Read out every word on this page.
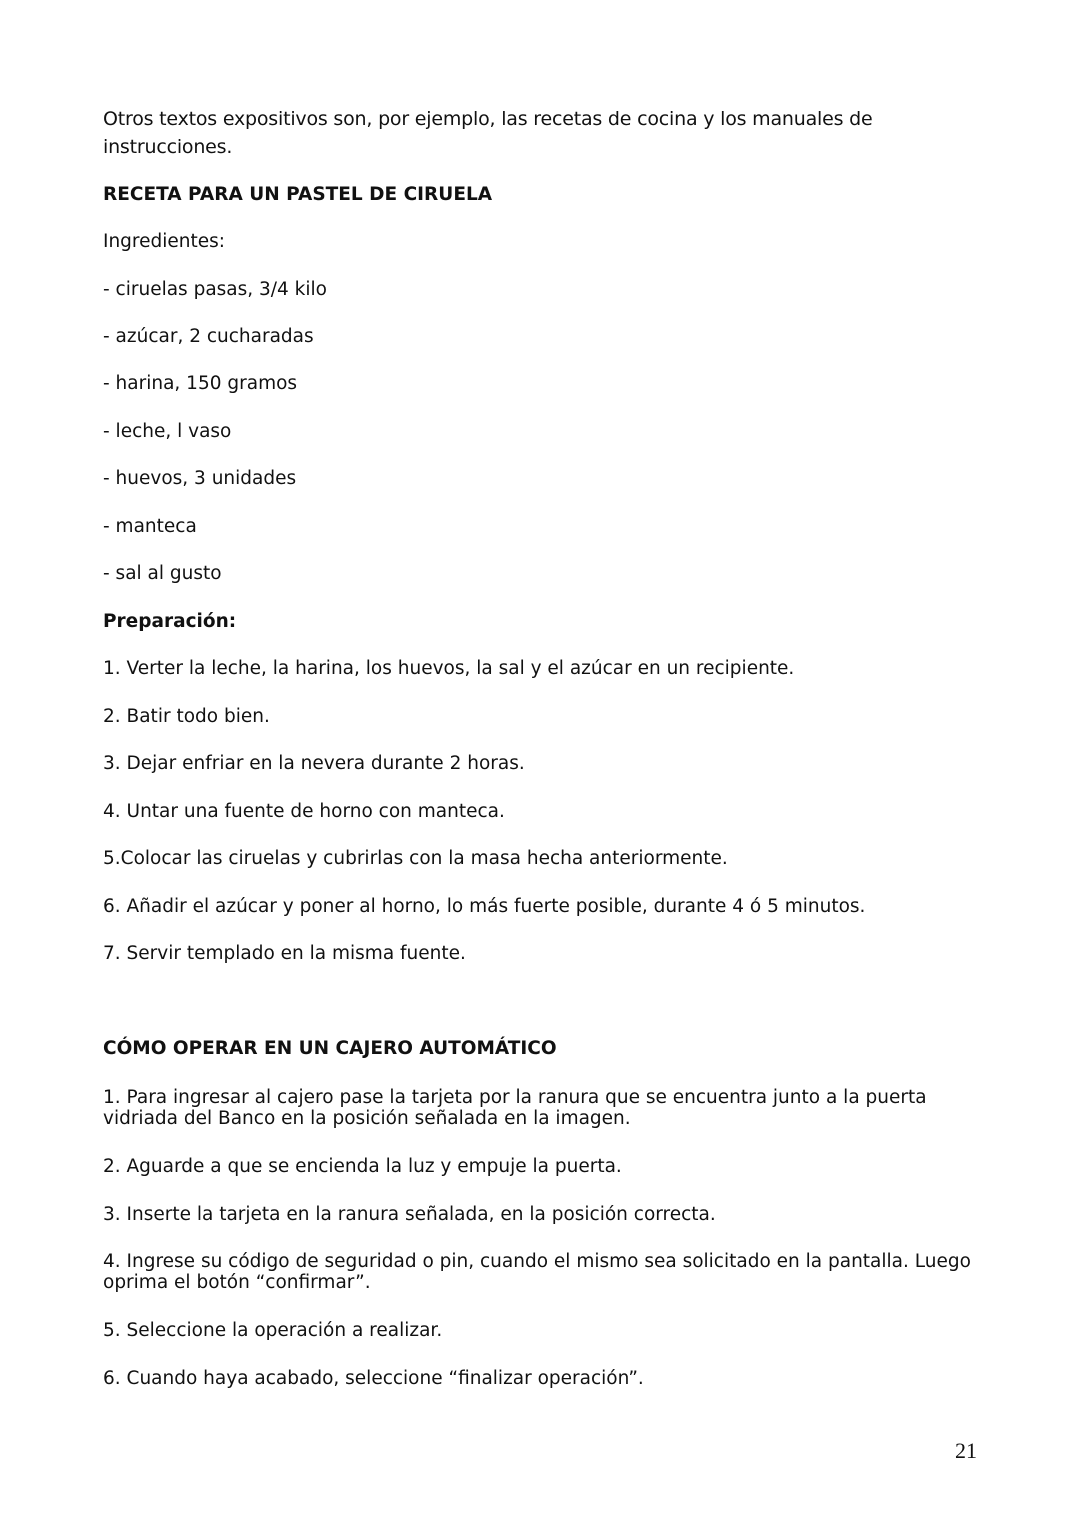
Otros textos expositivos son, por ejemplo, las recetas de cocina y los manuales de instrucciones.
RECETA PARA UN PASTEL DE CIRUELA
Ingredientes:
- ciruelas pasas, 3/4 kilo
- azúcar, 2 cucharadas
- harina, 150 gramos
- leche, l vaso
- huevos, 3 unidades
- manteca
- sal al gusto
Preparación:
1. Verter la leche, la harina, los huevos, la sal y el azúcar en un recipiente.
2. Batir todo bien.
3. Dejar enfriar en la nevera durante 2 horas.
4. Untar una fuente de horno con manteca.
5.Colocar las ciruelas y cubrirlas con la masa hecha anteriormente.
6. Añadir el azúcar y poner al horno, lo más fuerte posible, durante 4 ó 5 minutos.
7. Servir templado en la misma fuente.
CÓMO OPERAR EN UN CAJERO AUTOMÁTICO
1. Para ingresar al cajero pase la tarjeta por la ranura que se encuentra junto a la puerta vidriada del Banco en la posición señalada en la imagen.
2. Aguarde a que se encienda la luz y empuje la puerta.
3. Inserte la tarjeta en la ranura señalada, en la posición correcta.
4. Ingrese su código de seguridad o pin, cuando el mismo sea solicitado en la pantalla. Luego oprima el botón “confirmar”.
5. Seleccione la operación a realizar.
6. Cuando haya acabado, seleccione “finalizar operación”.
21
